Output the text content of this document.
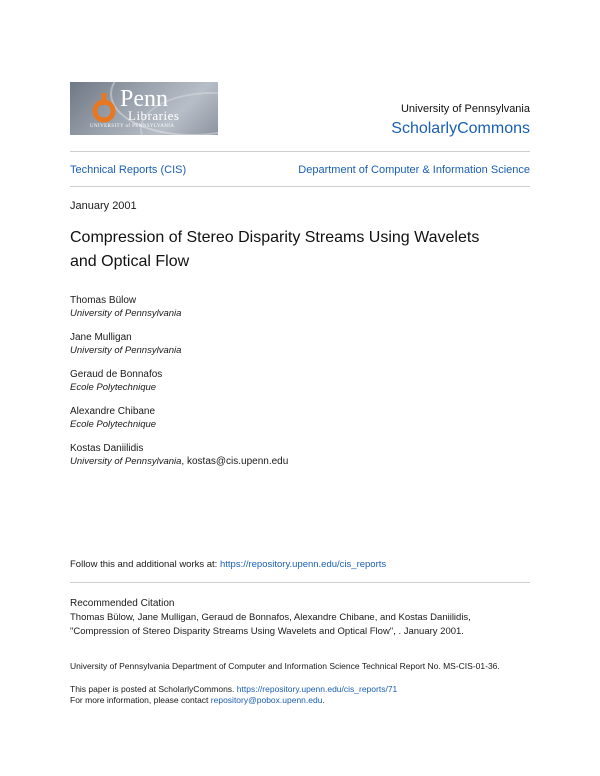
Penn
Libraries
UNIVERSITY of PENNSYLVANIA
University of Pennsylvania
ScholarlyCommons
Technical Reports (CIS)	Department of Computer & Information Science
January 2001
Compression of Stereo Disparity Streams Using Wavelets and Optical Flow
Thomas Bülow
University of Pennsylvania
Jane Mulligan
University of Pennsylvania
Geraud de Bonnafos
Ecole Polytechnique
Alexandre Chibane
Ecole Polytechnique
Kostas Daniilidis
University of Pennsylvania, kostas@cis.upenn.edu
Follow this and additional works at: https://repository.upenn.edu/cis_reports
Recommended Citation
Thomas Bülow, Jane Mulligan, Geraud de Bonnafos, Alexandre Chibane, and Kostas Daniilidis,
"Compression of Stereo Disparity Streams Using Wavelets and Optical Flow", . January 2001.
University of Pennsylvania Department of Computer and Information Science Technical Report No. MS-CIS-01-36.
This paper is posted at ScholarlyCommons. https://repository.upenn.edu/cis_reports/71
For more information, please contact repository@pobox.upenn.edu.
